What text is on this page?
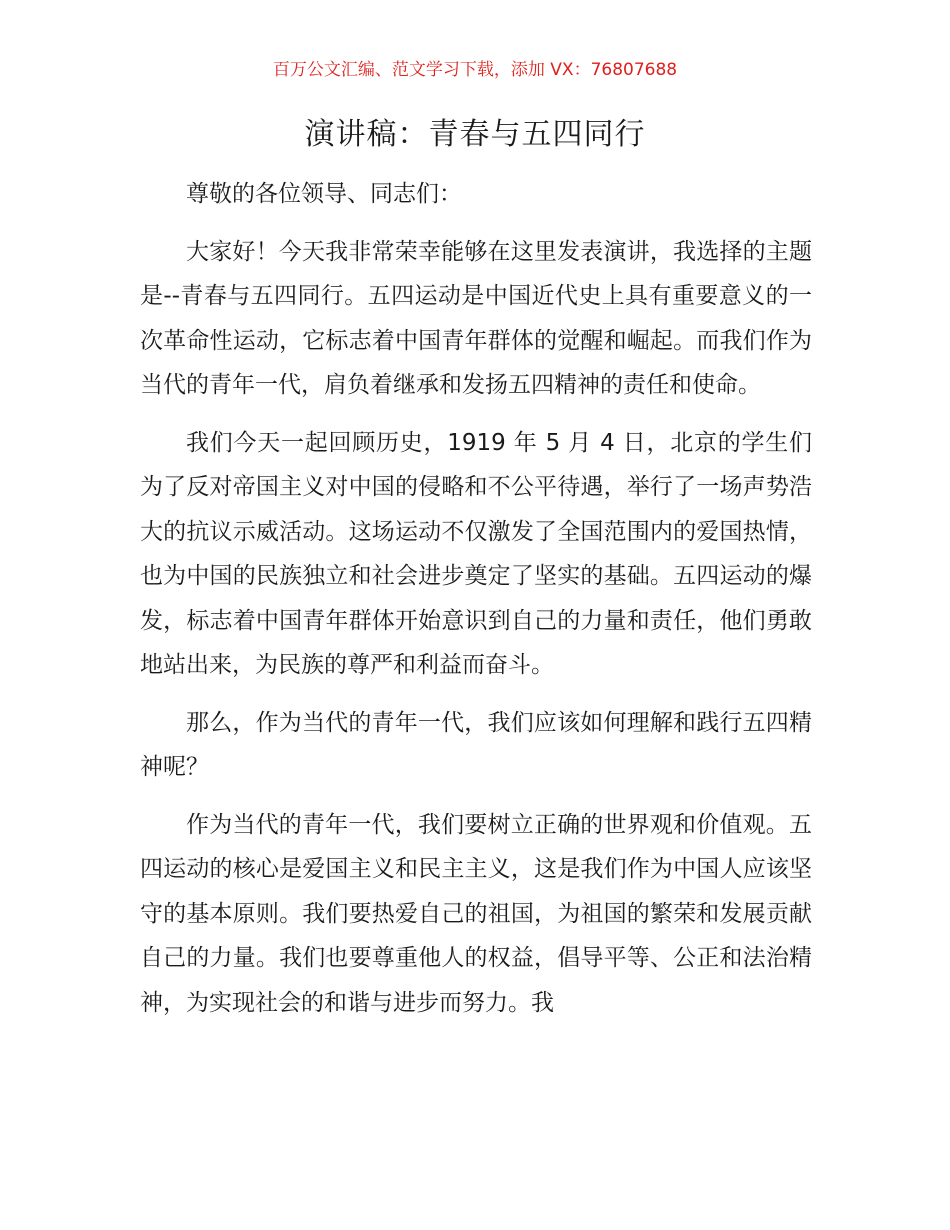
百万公文汇编、范文学习下载，添加 VX：76807688
演讲稿：青春与五四同行

尊敬的各位领导、同志们：

大家好！今天我非常荣幸能够在这里发表演讲，我选择的主题是--青春与五四同行。五四运动是中国近代史上具有重要意义的一次革命性运动，它标志着中国青年群体的觉醒和崛起。而我们作为当代的青年一代，肩负着继承和发扬五四精神的责任和使命。

我们今天一起回顾历史，1919 年 5 月 4 日，北京的学生们为了反对帝国主义对中国的侵略和不公平待遇，举行了一场声势浩大的抗议示威活动。这场运动不仅激发了全国范围内的爱国热情，也为中国的民族独立和社会进步奠定了坚实的基础。五四运动的爆发，标志着中国青年群体开始意识到自己的力量和责任，他们勇敢地站出来，为民族的尊严和利益而奋斗。

那么，作为当代的青年一代，我们应该如何理解和践行五四精神呢？

作为当代的青年一代，我们要树立正确的世界观和价值观。五四运动的核心是爱国主义和民主主义，这是我们作为中国人应该坚守的基本原则。我们要热爱自己的祖国，为祖国的繁荣和发展贡献自己的力量。我们也要尊重他人的权益，倡导平等、公正和法治精神，为实现社会的和谐与进步而努力。我
